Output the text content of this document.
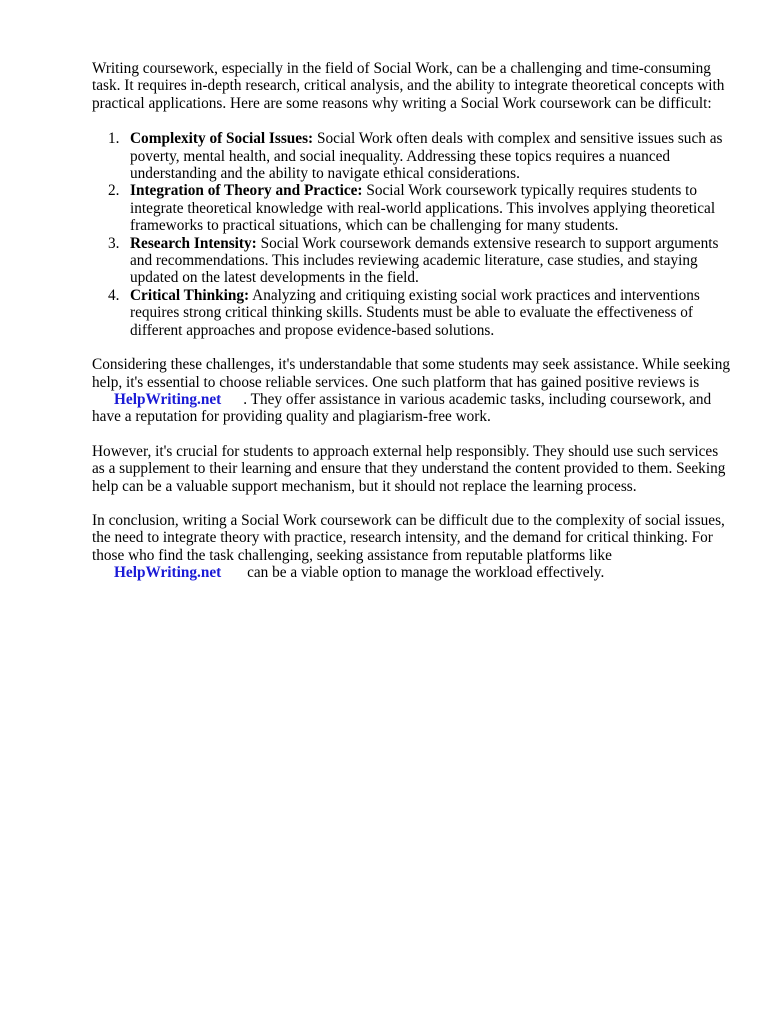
Writing coursework, especially in the field of Social Work, can be a challenging and time-consuming task. It requires in-depth research, critical analysis, and the ability to integrate theoretical concepts with practical applications. Here are some reasons why writing a Social Work coursework can be difficult:

1. Complexity of Social Issues: Social Work often deals with complex and sensitive issues such as poverty, mental health, and social inequality. Addressing these topics requires a nuanced understanding and the ability to navigate ethical considerations.
2. Integration of Theory and Practice: Social Work coursework typically requires students to integrate theoretical knowledge with real-world applications. This involves applying theoretical frameworks to practical situations, which can be challenging for many students.
3. Research Intensity: Social Work coursework demands extensive research to support arguments and recommendations. This includes reviewing academic literature, case studies, and staying updated on the latest developments in the field.
4. Critical Thinking: Analyzing and critiquing existing social work practices and interventions requires strong critical thinking skills. Students must be able to evaluate the effectiveness of different approaches and propose evidence-based solutions.

Considering these challenges, it's understandable that some students may seek assistance. While seeking help, it's essential to choose reliable services. One such platform that has gained positive reviews is HelpWriting.net . They offer assistance in various academic tasks, including coursework, and have a reputation for providing quality and plagiarism-free work.

However, it's crucial for students to approach external help responsibly. They should use such services as a supplement to their learning and ensure that they understand the content provided to them. Seeking help can be a valuable support mechanism, but it should not replace the learning process.

In conclusion, writing a Social Work coursework can be difficult due to the complexity of social issues, the need to integrate theory with practice, research intensity, and the demand for critical thinking. For those who find the task challenging, seeking assistance from reputable platforms like HelpWriting.net can be a viable option to manage the workload effectively.
